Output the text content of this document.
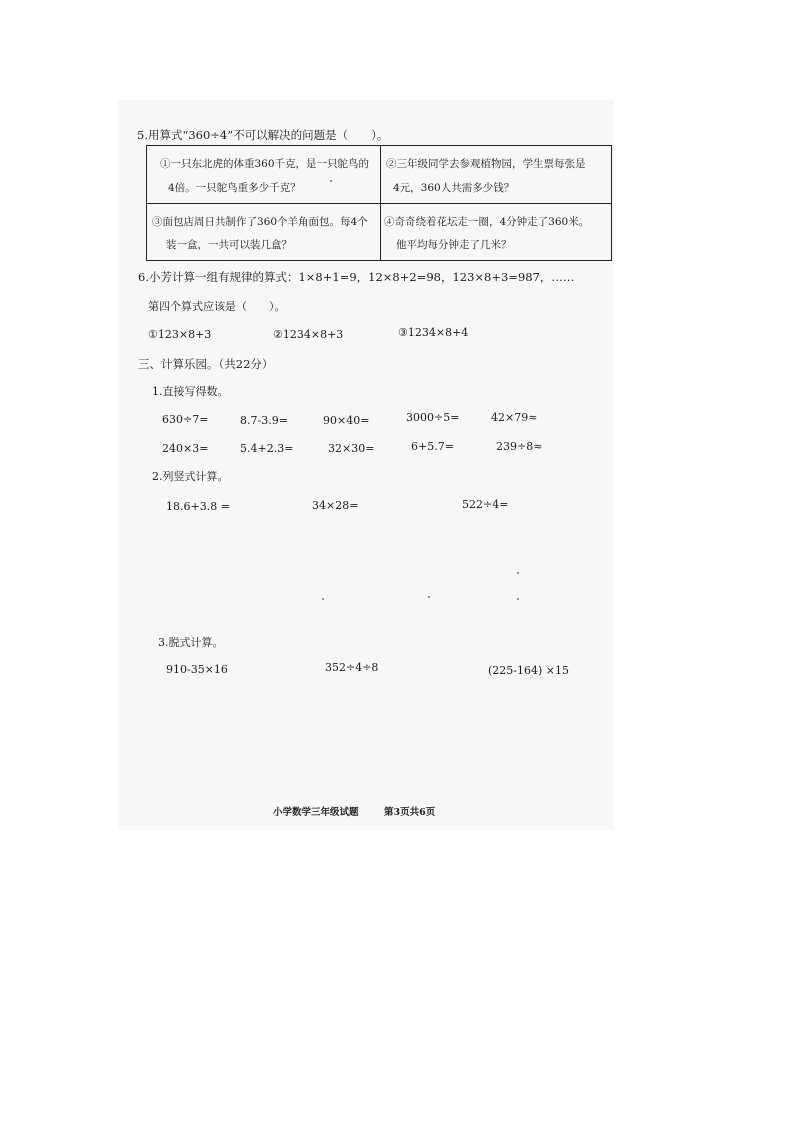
5.用算式“360÷4”不可以解决的问题是（　　）。
①一只东北虎的体重360千克，是一只鸵鸟的
4倍。一只鸵鸟重多少千克？
②三年级同学去参观植物园，学生票每张是
4元，360人共需多少钱？
③面包店周日共制作了360个羊角面包。每4个
装一盒，一共可以装几盒？
④奇奇绕着花坛走一圈，4分钟走了360米。
他平均每分钟走了几米？
6.小芳计算一组有规律的算式：1×8+1=9，12×8+2=98，123×8+3=987，……
第四个算式应该是（　　）。
①123×8+3	②1234×8+3	③1234×8+4
三、计算乐园。（共22分）
1.直接写得数。
630÷7=	8.7-3.9=	90×40=	3000÷5=	42×79≈
240×3=	5.4+2.3=	32×30=	6+5.7=	239÷8≈
2.列竖式计算。
18.6+3.8 =	34×28=	522÷4=
3.脱式计算。
910-35×16	352÷4÷8	(225-164) ×15
小学数学三年级试题	第3页共6页
